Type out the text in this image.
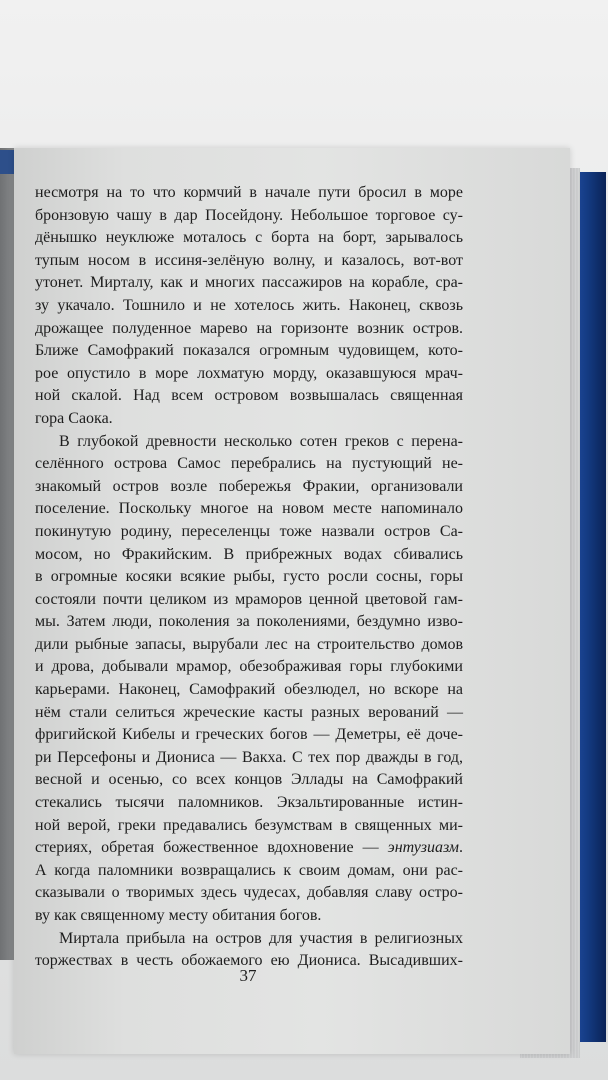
несмотря на то что кормчий в начале пути бросил в море
бронзовую чашу в дар Посейдону. Небольшое торговое су-
дёнышко неуклюже моталось с борта на борт, зарывалось
тупым носом в иссиня-зелёную волну, и казалось, вот-вот
утонет. Мирталу, как и многих пассажиров на корабле, сра-
зу укачало. Тошнило и не хотелось жить. Наконец, сквозь
дрожащее полуденное марево на горизонте возник остров.
Ближе Самофракий показался огромным чудовищем, кото-
рое опустило в море лохматую морду, оказавшуюся мрач-
ной скалой. Над всем островом возвышалась священная
гора Саока.

В глубокой древности несколько сотен греков с перена-
селённого острова Самос перебрались на пустующий не-
знакомый остров возле побережья Фракии, организовали
поселение. Поскольку многое на новом месте напоминало
покинутую родину, переселенцы тоже назвали остров Са-
мосом, но Фракийским. В прибрежных водах сбивались
в огромные косяки всякие рыбы, густо росли сосны, горы
состояли почти целиком из мраморов ценной цветовой гам-
мы. Затем люди, поколения за поколениями, бездумно изво-
дили рыбные запасы, вырубали лес на строительство домов
и дрова, добывали мрамор, обезображивая горы глубокими
карьерами. Наконец, Самофракий обезлюдел, но вскоре на
нём стали селиться жреческие касты разных верований —
фригийской Кибелы и греческих богов — Деметры, её доче-
ри Персефоны и Диониса — Вакха. С тех пор дважды в год,
весной и осенью, со всех концов Эллады на Самофракий
стекались тысячи паломников. Экзальтированные истин-
ной верой, греки предавались безумствам в священных ми-
стериях, обретая божественное вдохновение — энтузиазм.
А когда паломники возвращались к своим домам, они рас-
сказывали о творимых здесь чудесах, добавляя славу остро-
ву как священному месту обитания богов.

Миртала прибыла на остров для участия в религиозных
торжествах в честь обожаемого ею Диониса. Высадивших-

37
